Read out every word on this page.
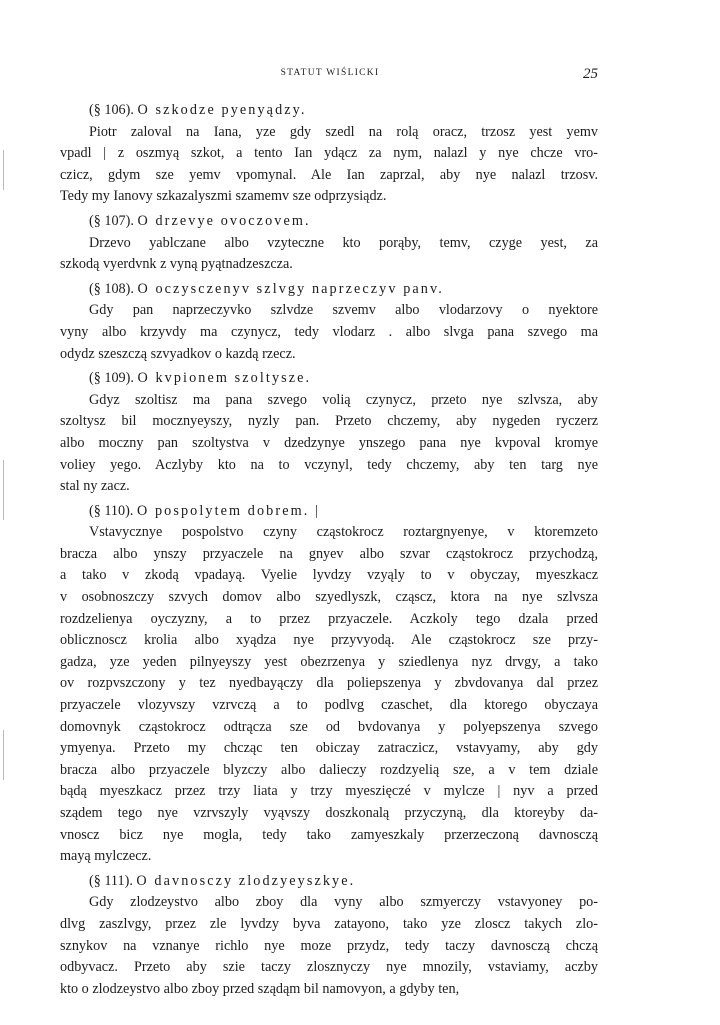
STATUT WIŚLICKI	25
(§ 106). O szkodze pyenyądzy.
Piotr zaloval na Iana, yze gdy szedl na rolą oracz, trzosz yest yemv
vpadl | z oszmyą szkot, a tento Ian ydącz za nym, nalazl y nye chcze vro-
czicz, gdym sze yemv vpomynal. Ale Ian zaprzal, aby nye nalazl trzosv.
Tedy my Ianovy szkazalyszmi szamemv sze odprzysiądz.
(§ 107). O drzevye ovoczovem.
Drzevo yablczane albo vzyteczne kto porąby, temv, czyge yest, za
szkodą vyerdvnk z vyną pyątnadzeszcza.
(§ 108). O oczysczenyv szlvgy naprzeczyv panv.
Gdy pan naprzeczyvko szlvdze szvemv albo vlodarzovy o nyektore
vyny albo krzyvdy ma czynycz, tedy vlodarz . albo slvga pana szvego ma
odydz szeszczą szvyadkov o kazdą rzecz.
(§ 109). O kvpionem szoltysze.
Gdyz szoltisz ma pana szvego volią czynycz, przeto nye szlvsza, aby
szoltysz bil mocznyeyszy, nyzly pan. Przeto chczemy, aby nygeden ryczerz
albo moczny pan szoltystva v dzedzynye ynszego pana nye kvpoval kromye
volieу yego. Aczlyby kto na to vczynyl, tedy chczemy, aby ten targ nye
stal ny zacz.
(§ 110). O pospolytem dobrem. |
Vstavycznye pospolstvo czyny cząstokrocz roztargnyenye, v ktoremzeto
bracza albo ynszy przyaczele na gnyev albo szvar cząstokrocz przychodzą,
a tako v zkodą vpadayą. Vyelie lyvdzy vzyąly to v obyczay, myeszkacz
v osobnoszczy szvych domov albo szyedlyszk, cząscz, ktora na nye szlvsza
rozdzelienya oyczyzny, a to przez przyaczele. Aczkoly tego dzala przed
oblicznoscz krolia albo xyądza nye przyvyodą. Ale cząstokrocz sze przy-
gadza, yze yeden pilnyeyszy yest obezrzenya y sziedlenya nyz drvgy, a tako
ov rozpvszczony y tez nyedbayączy dla poliepszenya y zbvdovanya dal przez
przyaczele vlozyvszy vzrvczą a to podlvg czaschet, dla ktorego obyczaya
domovnyk cząstokrocz odtrącza sze od bvdovanya y polyepszenya szvego
ymyenya. Przeto my chcząc ten obiczay zatraczicz, vstavyamy, aby gdy
bracza albo przyaczele blyzczy albo dalieczy rozdzyelią sze, a v tem dziale
bądą myeszkacz przez trzy liata y trzy myeszięczé v mylcze | nyv a przed
sządem tego nye vzrvszyly vyąvszy doszkonalą przyczyną, dla ktoreyby da-
vnoscz bicz nye mogla, tedy tako zamyeszkaly przerzeczoną davnosczą
mayą mylczecz.
(§ 111). O davnosczy zlodzyeyszkye.
Gdy zlodzeystvo albo zboy dla vyny albo szmyerczy vstavyoney po-
dlvg zaszlvgy, przez zle lyvdzy byva zatayono, tako yze zloscz takych zlo-
sznykov na vznanye richlo nye moze przydz, tedy taczy davnosczą chczą
odbyvacz. Przeto aby szie taczy zlosznyczy nye mnozily, vstaviamy, aczby
kto o zlodzeystvo albo zboy przed sządąm bil namovyon, a gdyby ten,
